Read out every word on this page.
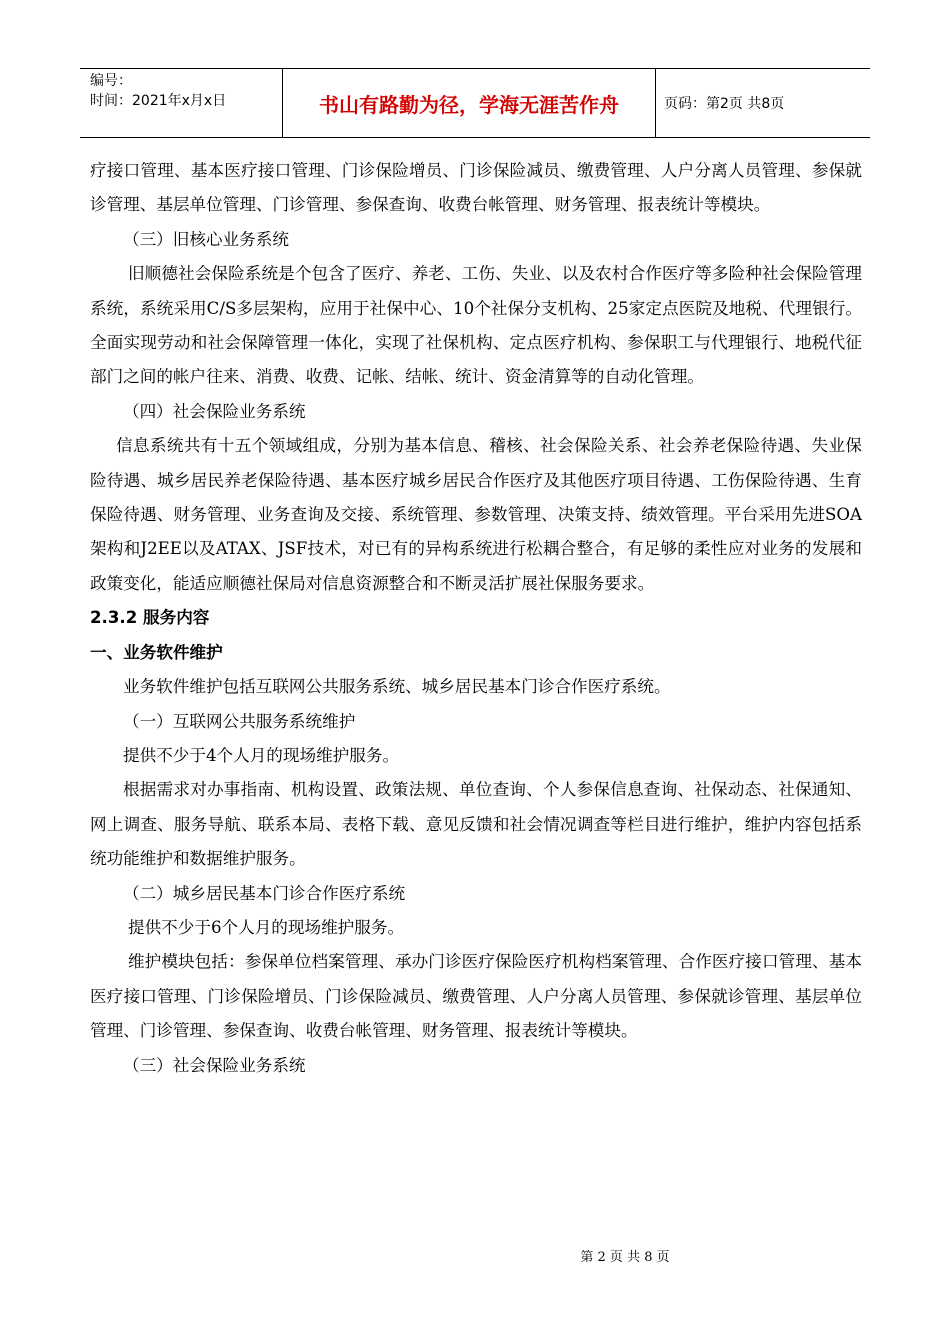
编号：
时间：2021年x月x日	书山有路勤为径，学海无涯苦作舟	页码：第2页 共8页

疗接口管理、基本医疗接口管理、门诊保险增员、门诊保险减员、缴费管理、人户分离人员管理、参保就诊管理、基层单位管理、门诊管理、参保查询、收费台帐管理、财务管理、报表统计等模块。

（三）旧核心业务系统

旧顺德社会保险系统是个包含了医疗、养老、工伤、失业、以及农村合作医疗等多险种社会保险管理系统，系统采用C/S多层架构，应用于社保中心、10个社保分支机构、25家定点医院及地税、代理银行。全面实现劳动和社会保障管理一体化，实现了社保机构、定点医疗机构、参保职工与代理银行、地税代征部门之间的帐户往来、消费、收费、记帐、结帐、统计、资金清算等的自动化管理。

（四）社会保险业务系统

信息系统共有十五个领域组成，分别为基本信息、稽核、社会保险关系、社会养老保险待遇、失业保险待遇、城乡居民养老保险待遇、基本医疗城乡居民合作医疗及其他医疗项目待遇、工伤保险待遇、生育保险待遇、财务管理、业务查询及交接、系统管理、参数管理、决策支持、绩效管理。平台采用先进SOA架构和J2EE以及ATAX、JSF技术，对已有的异构系统进行松耦合整合，有足够的柔性应对业务的发展和政策变化，能适应顺德社保局对信息资源整合和不断灵活扩展社保服务要求。

2.3.2 服务内容

一、业务软件维护

业务软件维护包括互联网公共服务系统、城乡居民基本门诊合作医疗系统。

（一）互联网公共服务系统维护

提供不少于4个人月的现场维护服务。

根据需求对办事指南、机构设置、政策法规、单位查询、个人参保信息查询、社保动态、社保通知、网上调查、服务导航、联系本局、表格下载、意见反馈和社会情况调查等栏目进行维护，维护内容包括系统功能维护和数据维护服务。

（二）城乡居民基本门诊合作医疗系统

提供不少于6个人月的现场维护服务。

维护模块包括：参保单位档案管理、承办门诊医疗保险医疗机构档案管理、合作医疗接口管理、基本医疗接口管理、门诊保险增员、门诊保险减员、缴费管理、人户分离人员管理、参保就诊管理、基层单位管理、门诊管理、参保查询、收费台帐管理、财务管理、报表统计等模块。

（三）社会保险业务系统

第 2 页 共 8 页
